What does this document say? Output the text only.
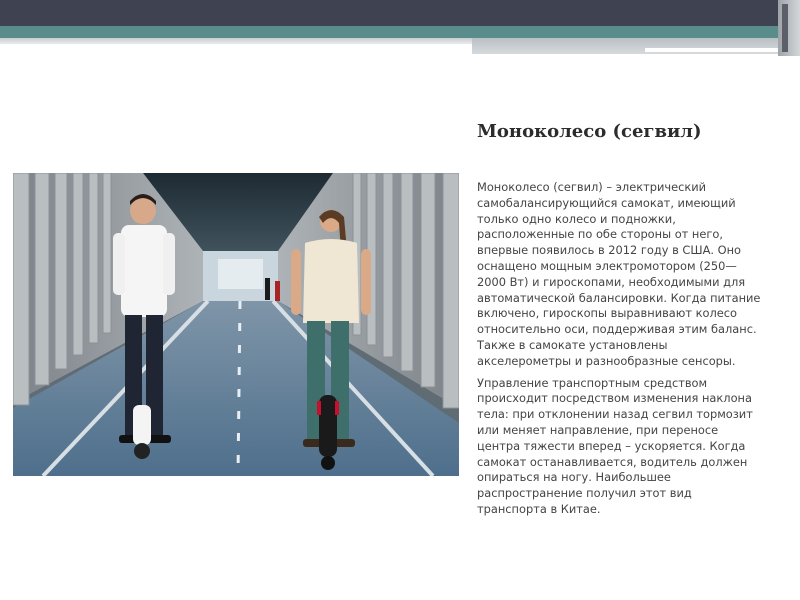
Моноколесо (сегвил)

Моноколесо (сегвил) – электрический самобалансирующийся самокат, имеющий только одно колесо и подножки, расположенные по обе стороны от него, впервые появилось в 2012 году в США. Оно оснащено мощным электромотором (250—2000 Вт) и гироскопами, необходимыми для автоматической балансировки. Когда питание включено, гироскопы выравнивают колесо относительно оси, поддерживая этим баланс. Также в самокате установлены акселерометры и разнообразные сенсоры.

Управление транспортным средством происходит посредством изменения наклона тела: при отклонении назад сегвил тормозит или меняет направление, при переносе центра тяжести вперед – ускоряется. Когда самокат останавливается, водитель должен опираться на ногу. Наибольшее распространение получил этот вид транспорта в Китае.
